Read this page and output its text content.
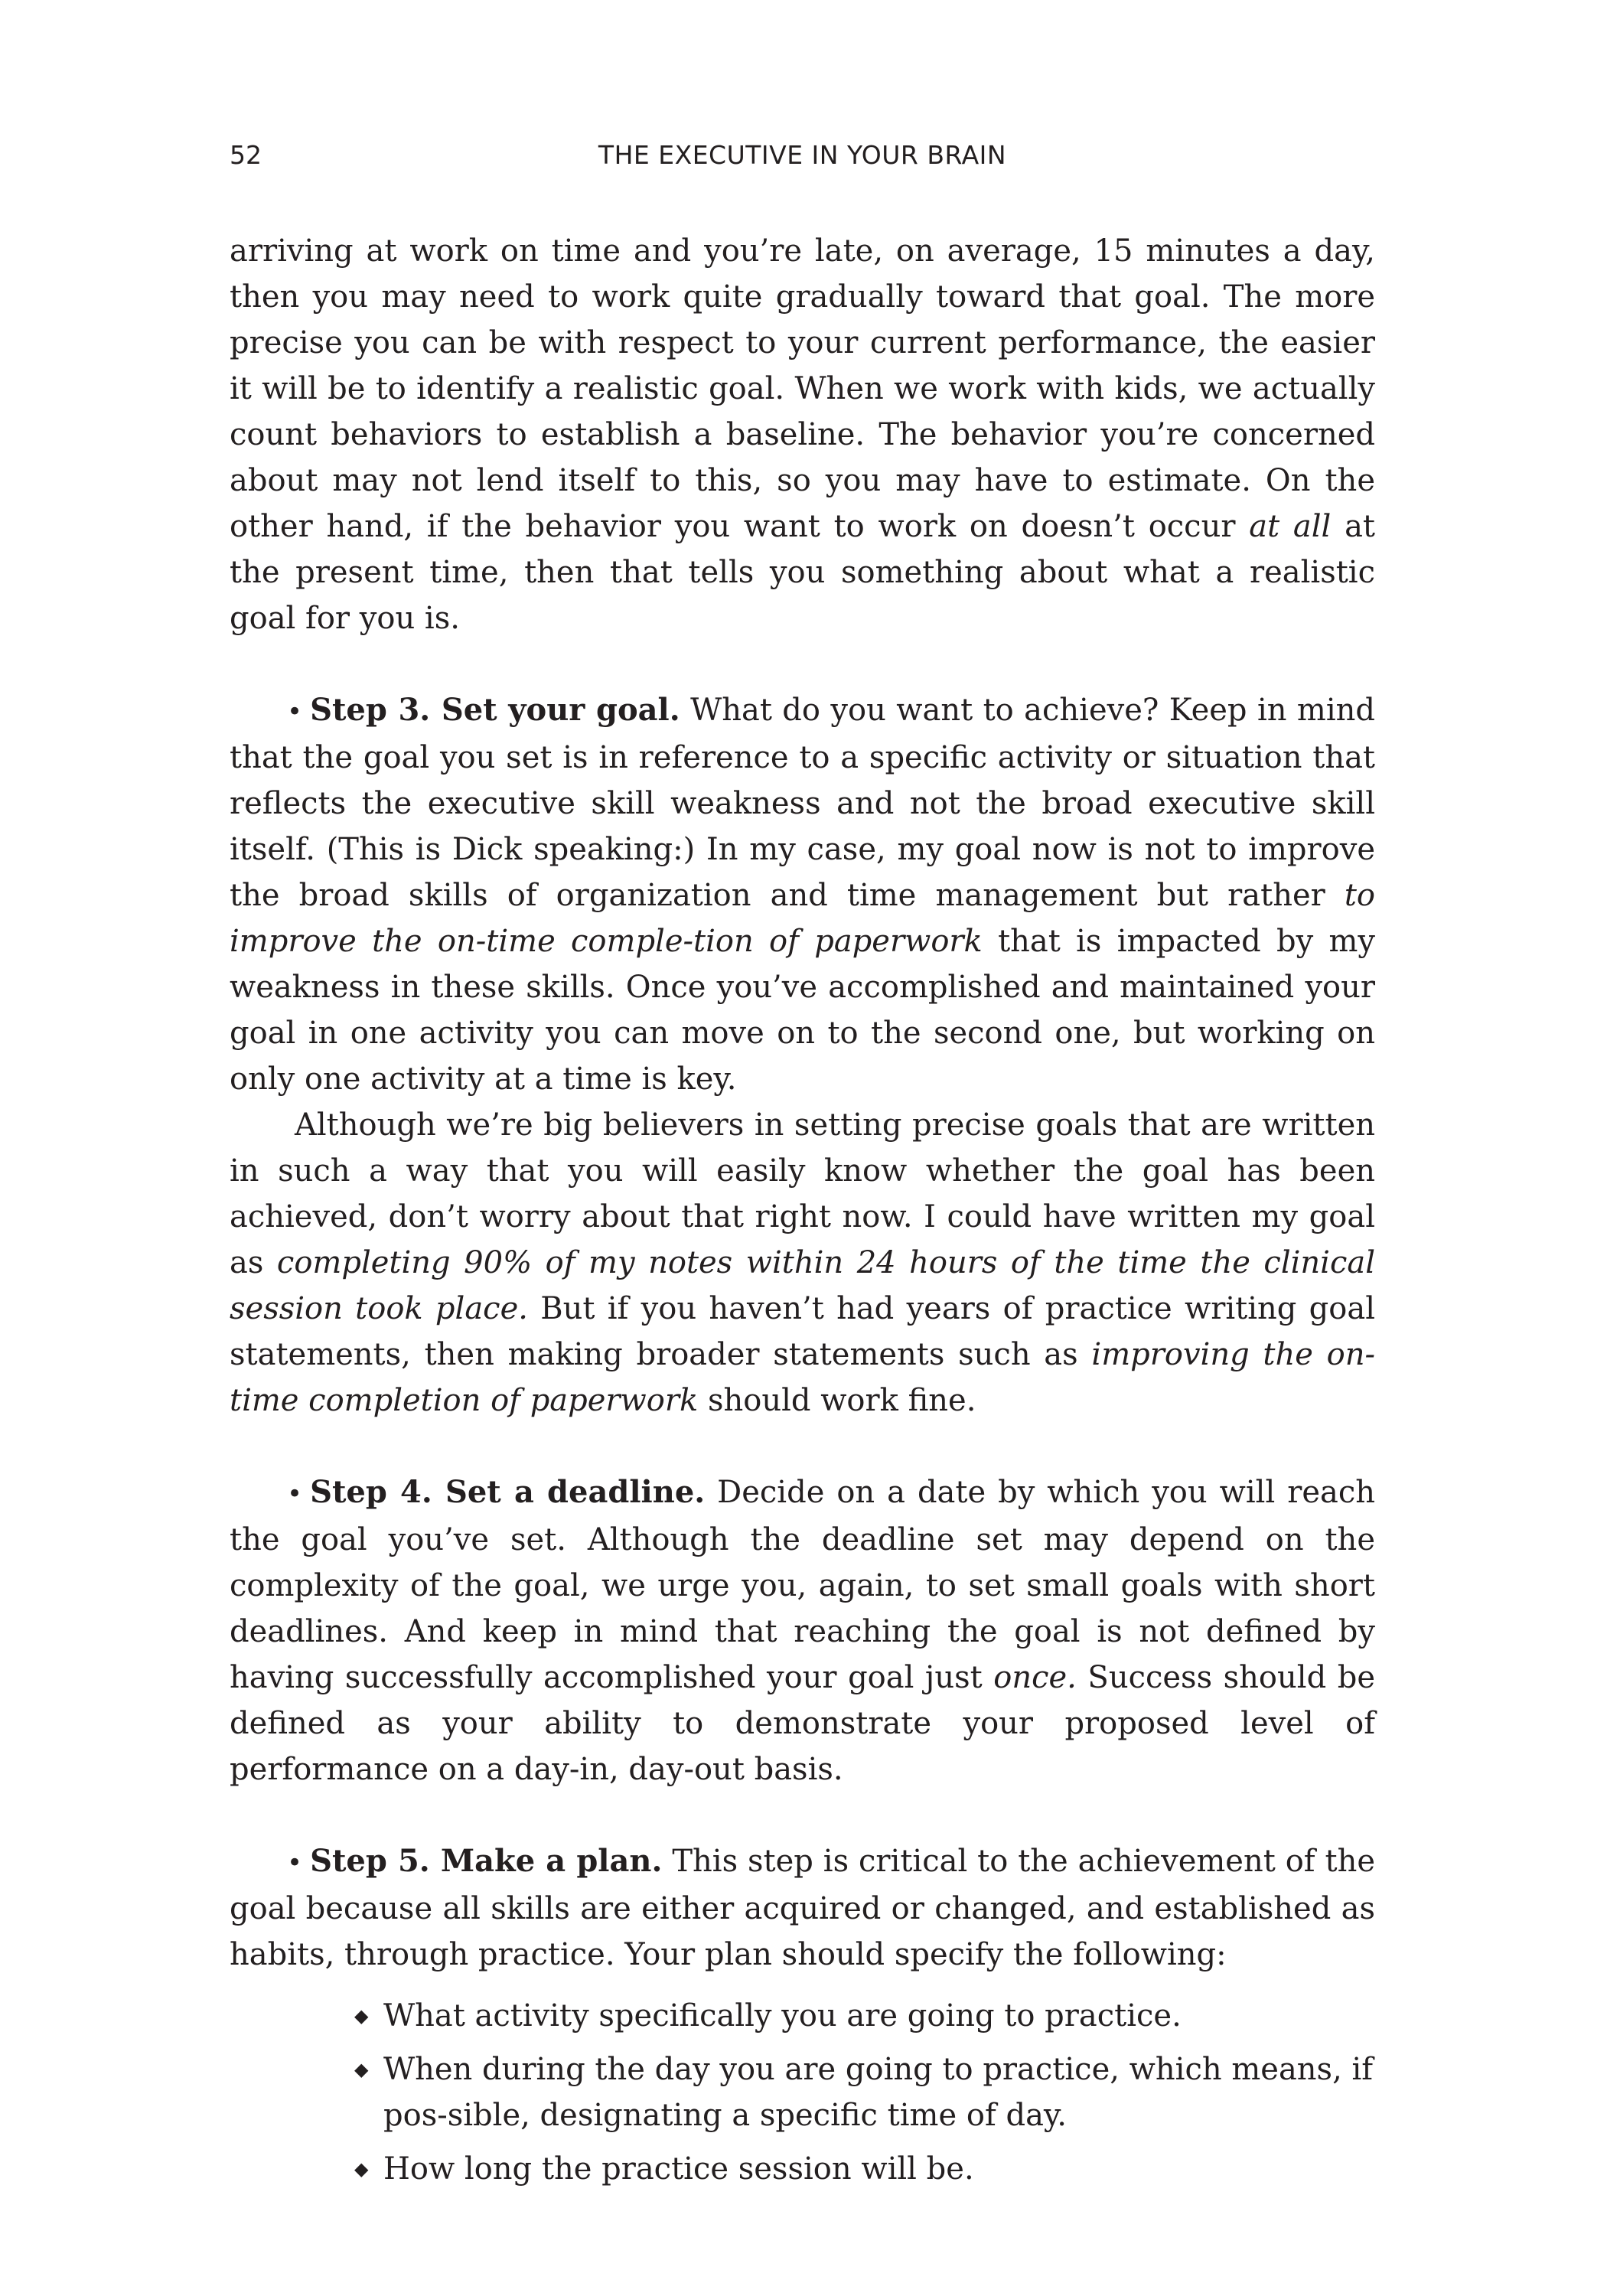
52	THE EXECUTIVE IN YOUR BRAIN

arriving at work on time and you’re late, on average, 15 minutes a day, then you may need to work quite gradually toward that goal. The more precise you can be with respect to your current performance, the easier it will be to identify a realistic goal. When we work with kids, we actually count behaviors to establish a baseline. The behavior you’re concerned about may not lend itself to this, so you may have to estimate. On the other hand, if the behavior you want to work on doesn’t occur at all at the present time, then that tells you something about what a realistic goal for you is.

• Step 3. Set your goal. What do you want to achieve? Keep in mind that the goal you set is in reference to a specific activity or situation that reflects the executive skill weakness and not the broad executive skill itself. (This is Dick speaking:) In my case, my goal now is not to improve the broad skills of organization and time management but rather to improve the on-time comple-tion of paperwork that is impacted by my weakness in these skills. Once you’ve accomplished and maintained your goal in one activity you can move on to the second one, but working on only one activity at a time is key.

Although we’re big believers in setting precise goals that are written in such a way that you will easily know whether the goal has been achieved, don’t worry about that right now. I could have written my goal as completing 90% of my notes within 24 hours of the time the clinical session took place. But if you haven’t had years of practice writing goal statements, then making broader statements such as improving the on-time completion of paperwork should work fine.

• Step 4. Set a deadline. Decide on a date by which you will reach the goal you’ve set. Although the deadline set may depend on the complexity of the goal, we urge you, again, to set small goals with short deadlines. And keep in mind that reaching the goal is not defined by having successfully accomplished your goal just once. Success should be defined as your ability to demonstrate your proposed level of performance on a day-in, day-out basis.

• Step 5. Make a plan. This step is critical to the achievement of the goal because all skills are either acquired or changed, and established as habits, through practice. Your plan should specify the following:

◆ What activity specifically you are going to practice.
◆ When during the day you are going to practice, which means, if pos-sible, designating a specific time of day.
◆ How long the practice session will be.
